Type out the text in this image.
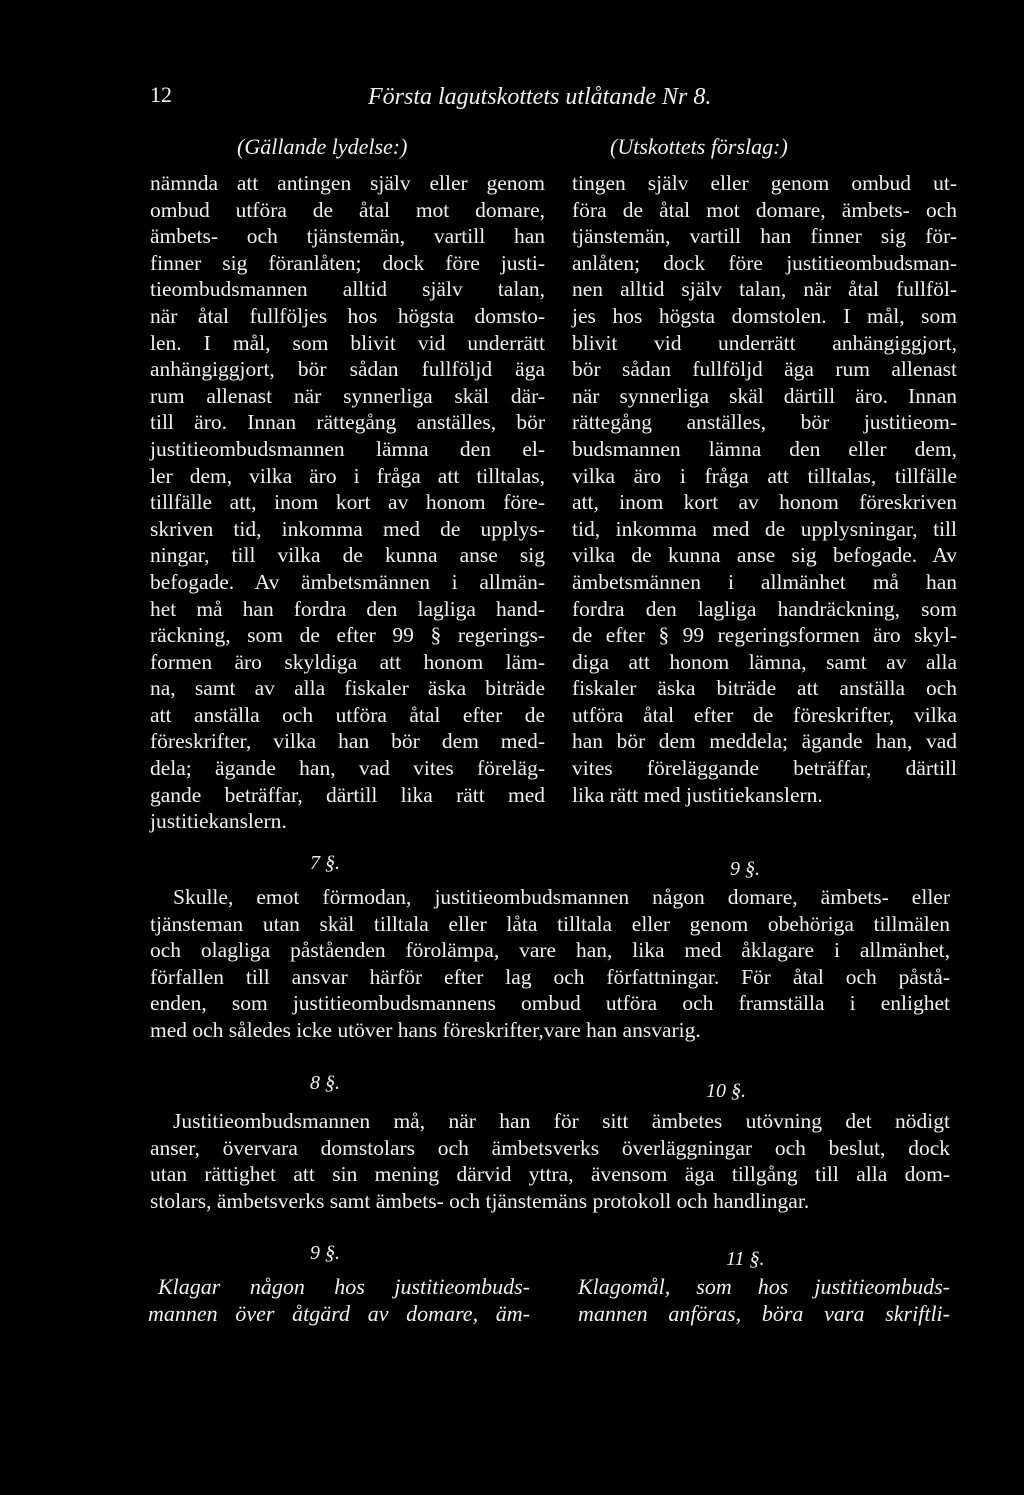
12	Första lagutskottets utlåtande Nr 8.
(Gällande lydelse:)	(Utskottets förslag:)
nämnda att antingen själv eller genom
ombud utföra de åtal mot domare,
ämbets- och tjänstemän, vartill han
finner sig föranlåten; dock före justi-
tieombudsmannen alltid själv talan,
när åtal fullföljes hos högsta domsto-
len. I mål, som blivit vid underrätt
anhängiggjort, bör sådan fullföljd äga
rum allenast när synnerliga skäl där-
till äro. Innan rättegång anställes, bör
justitieombudsmannen lämna den el-
ler dem, vilka äro i fråga att tilltalas,
tillfälle att, inom kort av honom före-
skriven tid, inkomma med de upplys-
ningar, till vilka de kunna anse sig
befogade. Av ämbetsmännen i allmän-
het må han fordra den lagliga hand-
räckning, som de efter 99 § regerings-
formen äro skyldiga att honom läm-
na, samt av alla fiskaler äska biträde
att anställa och utföra åtal efter de
föreskrifter, vilka han bör dem med-
dela; ägande han, vad vites föreläg-
gande beträffar, därtill lika rätt med
justitiekanslern.
tingen själv eller genom ombud ut-
föra de åtal mot domare, ämbets- och
tjänstemän, vartill han finner sig för-
anlåten; dock före justitieombudsman-
nen alltid själv talan, när åtal fullföl-
jes hos högsta domstolen. I mål, som
blivit vid underrätt anhängiggjort,
bör sådan fullföljd äga rum allenast
när synnerliga skäl därtill äro. Innan
rättegång anställes, bör justitieom-
budsmannen lämna den eller dem,
vilka äro i fråga att tilltalas, tillfälle
att, inom kort av honom föreskriven
tid, inkomma med de upplysningar, till
vilka de kunna anse sig befogade. Av
ämbetsmännen i allmänhet må han
fordra den lagliga handräckning, som
de efter § 99 regeringsformen äro skyl-
diga att honom lämna, samt av alla
fiskaler äska biträde att anställa och
utföra åtal efter de föreskrifter, vilka
han bör dem meddela; ägande han, vad
vites föreläggande beträffar, därtill
lika rätt med justitiekanslern.
7 §.	9 §.
Skulle, emot förmodan, justitieombudsmannen någon domare, ämbets- eller
tjänsteman utan skäl tilltala eller låta tilltala eller genom obehöriga tillmälen
och olagliga påståenden förolämpa, vare han, lika med åklagare i allmänhet,
förfallen till ansvar härför efter lag och författningar. För åtal och påstå-
enden, som justitieombudsmannens ombud utföra och framställa i enlighet
med och således icke utöver hans föreskrifter,vare han ansvarig.
8 §.	10 §.
Justitieombudsmannen må, när han för sitt ämbetes utövning det nödigt
anser, övervara domstolars och ämbetsverks överläggningar och beslut, dock
utan rättighet att sin mening därvid yttra, ävensom äga tillgång till alla dom-
stolars, ämbetsverks samt ämbets- och tjänstemäns protokoll och handlingar.
9 §.	11 §.
Klagar någon hos justitieombuds-
mannen över åtgärd av domare, äm-
Klagomål, som hos justitieombuds-
mannen anföras, böra vara skriftli-
